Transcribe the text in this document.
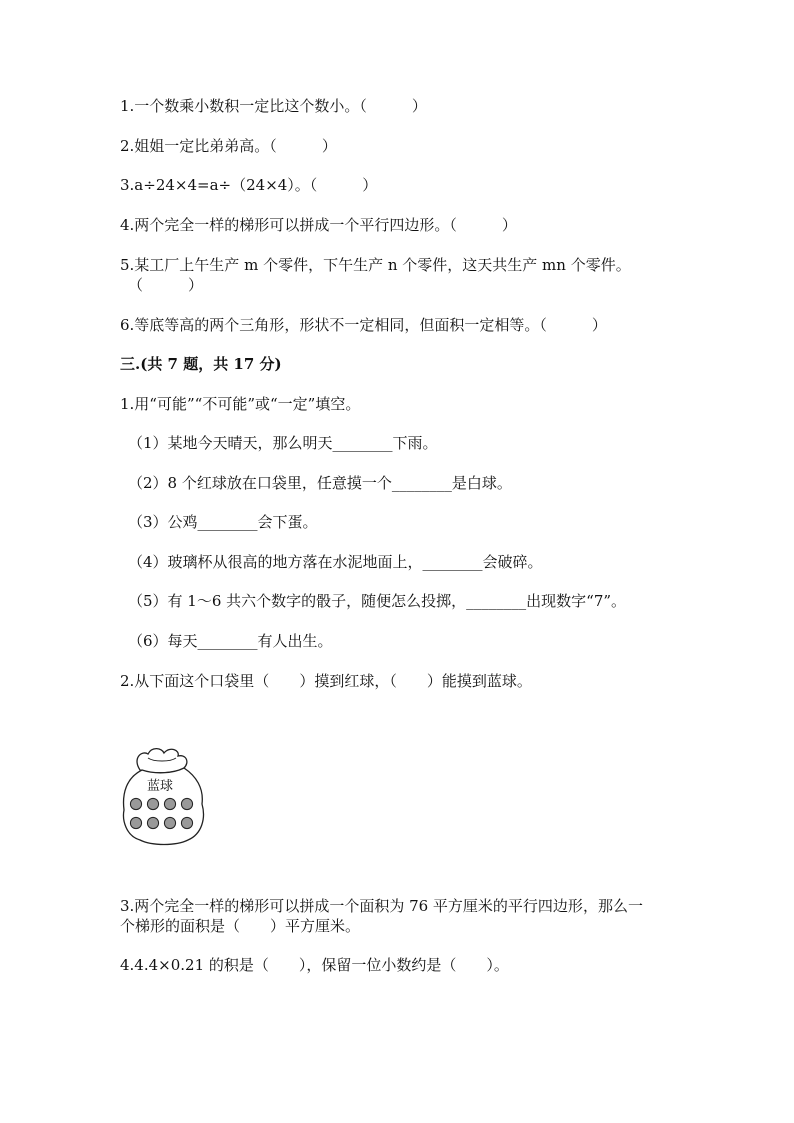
1.一个数乘小数积一定比这个数小。（　　　）
2.姐姐一定比弟弟高。（　　　）
3.a÷24×4=a÷（24×4）。（　　　）
4.两个完全一样的梯形可以拼成一个平行四边形。（　　　）
5.某工厂上午生产 m 个零件，下午生产 n 个零件，这天共生产 mn 个零件。
（　　　）
6.等底等高的两个三角形，形状不一定相同，但面积一定相等。（　　　）
三.(共 7 题，共 17 分)
1.用“可能”“不可能”或“一定”填空。
（1）某地今天晴天，那么明天________下雨。
（2）8 个红球放在口袋里，任意摸一个________是白球。
（3）公鸡________会下蛋。
（4）玻璃杯从很高的地方落在水泥地面上，________会破碎。
（5）有 1～6 共六个数字的骰子，随便怎么投掷，________出现数字“7”。
（6）每天________有人出生。
2.从下面这个口袋里（　　）摸到红球，（　　）能摸到蓝球。
蓝球
3.两个完全一样的梯形可以拼成一个面积为 76 平方厘米的平行四边形，那么一
个梯形的面积是（　　）平方厘米。
4.4.4×0.21 的积是（　　），保留一位小数约是（　　）。
